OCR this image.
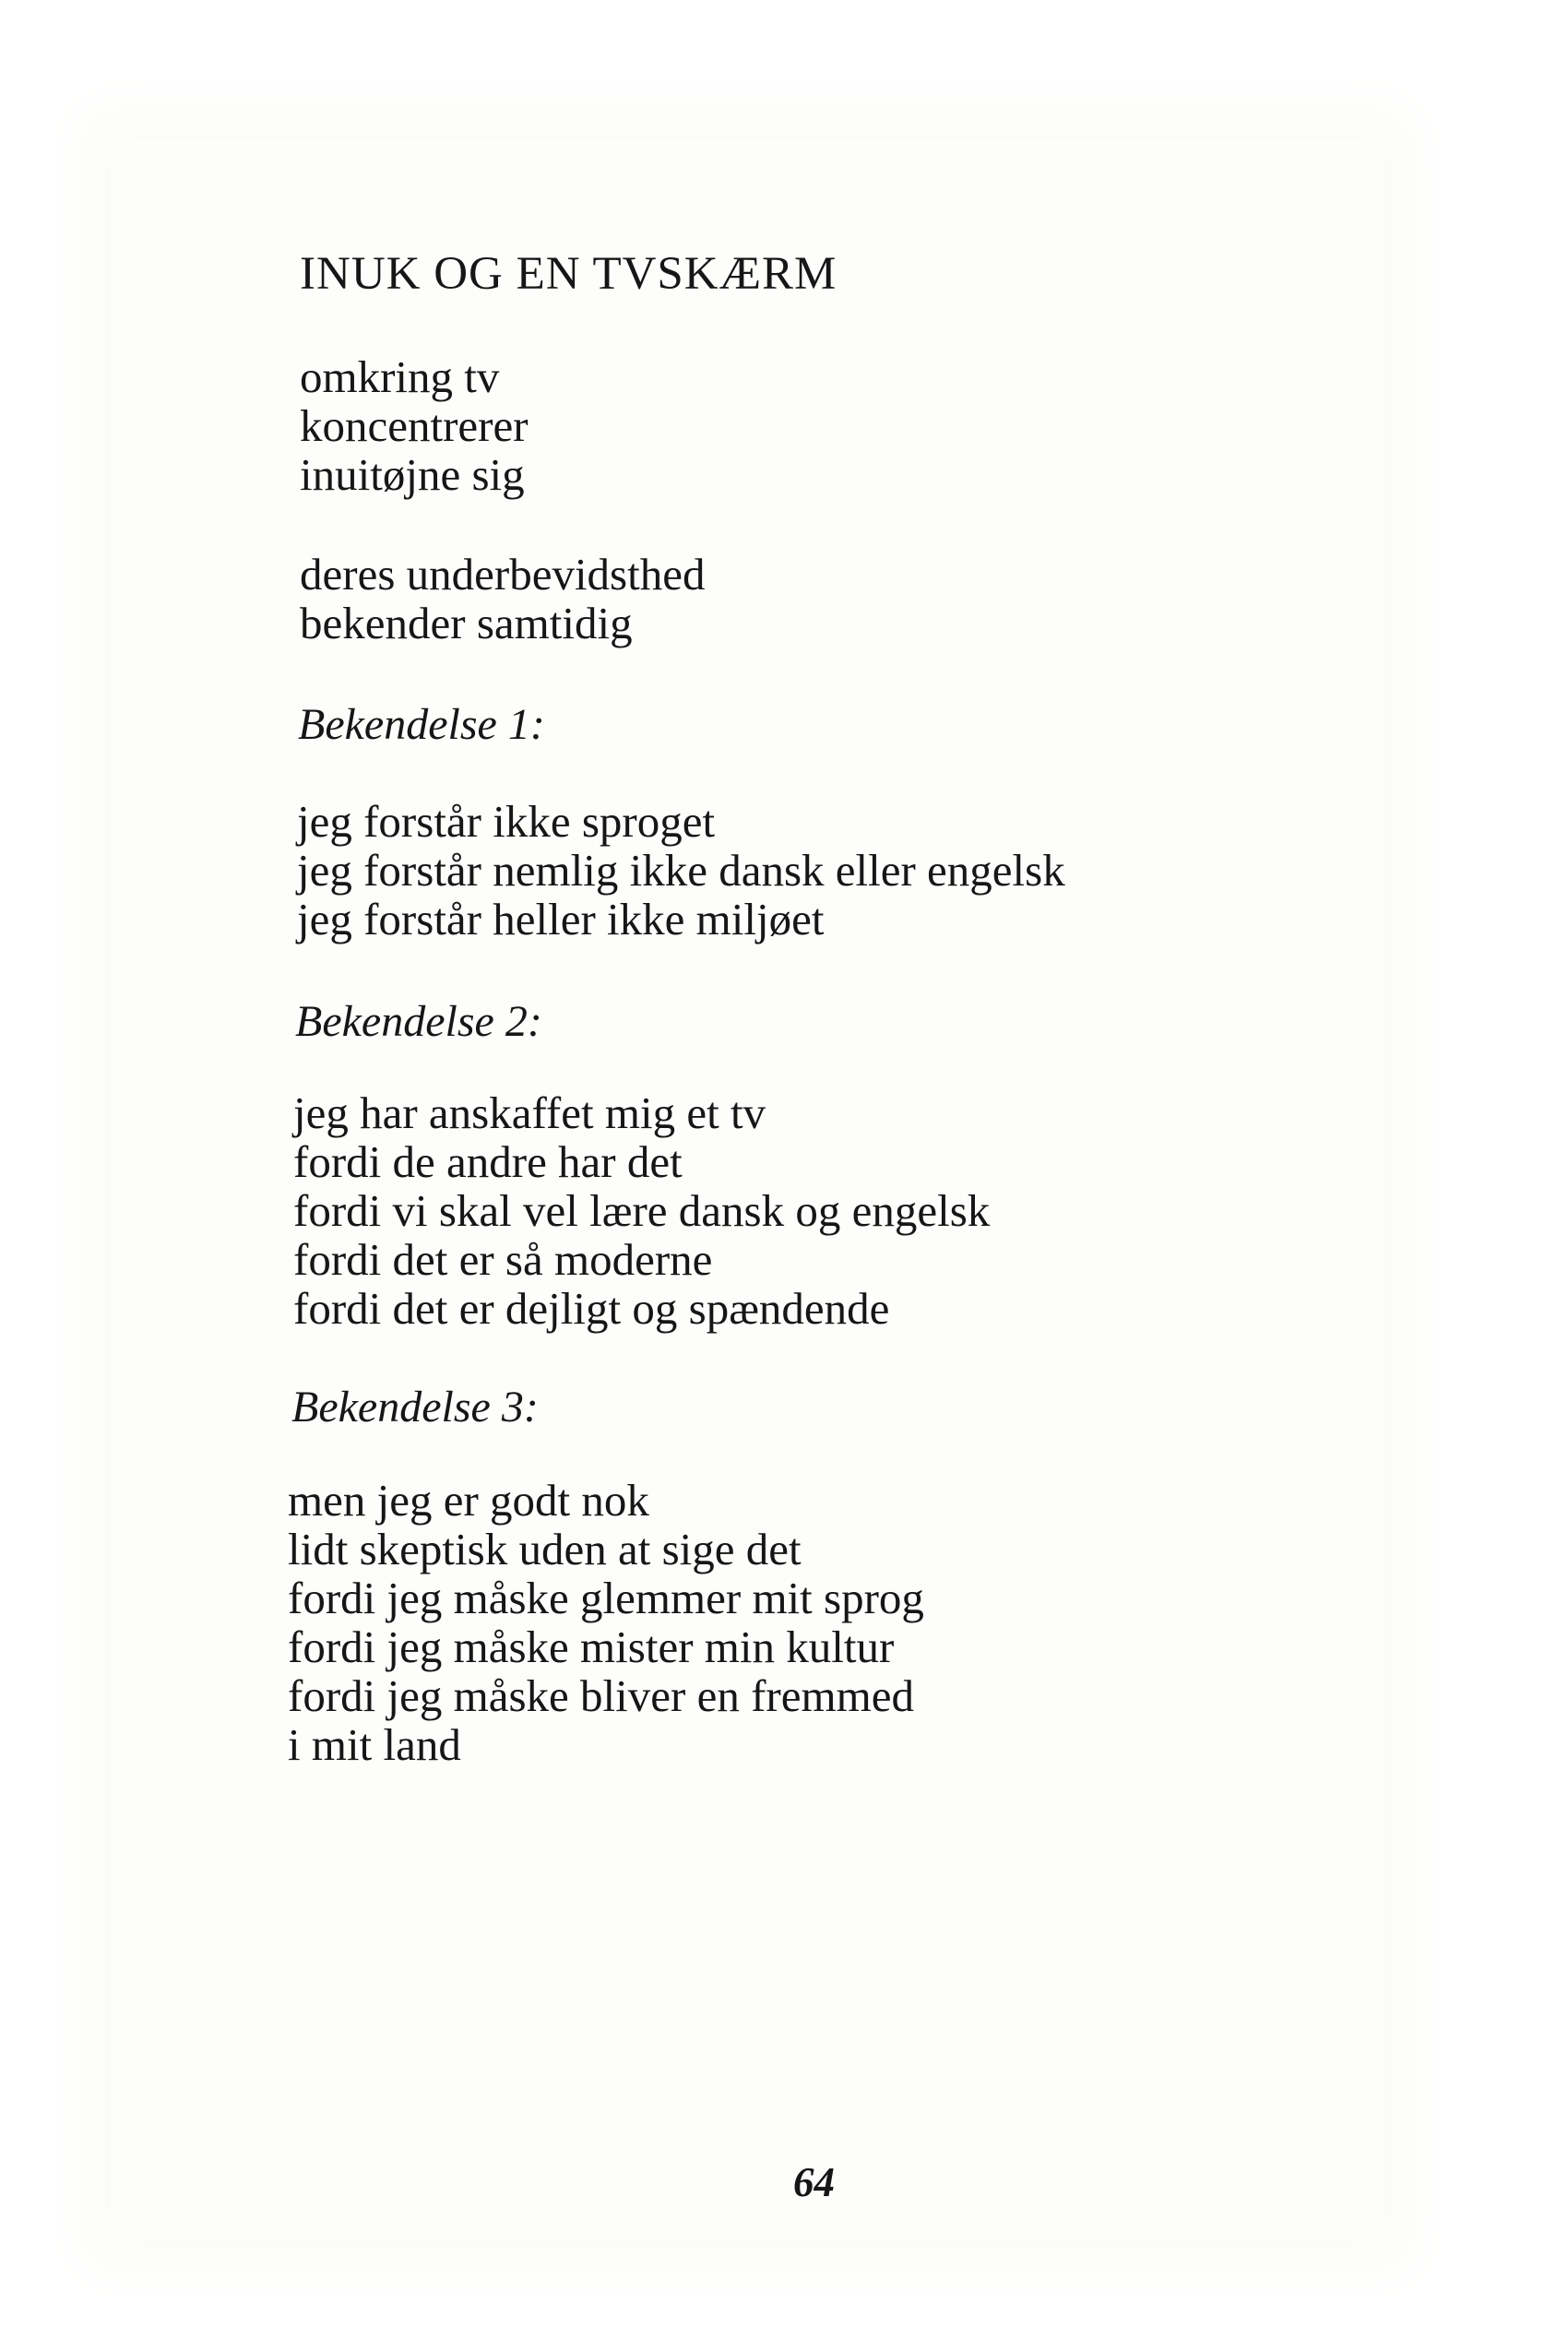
INUK OG EN TVSKÆRM
omkring tv
koncentrerer
inuitøjne sig
deres underbevidsthed
bekender samtidig
Bekendelse 1:
jeg forstår ikke sproget
jeg forstår nemlig ikke dansk eller engelsk
jeg forstår heller ikke miljøet
Bekendelse 2:
jeg har anskaffet mig et tv
fordi de andre har det
fordi vi skal vel lære dansk og engelsk
fordi det er så moderne
fordi det er dejligt og spændende
Bekendelse 3:
men jeg er godt nok
lidt skeptisk uden at sige det
fordi jeg måske glemmer mit sprog
fordi jeg måske mister min kultur
fordi jeg måske bliver en fremmed
i mit land
64
